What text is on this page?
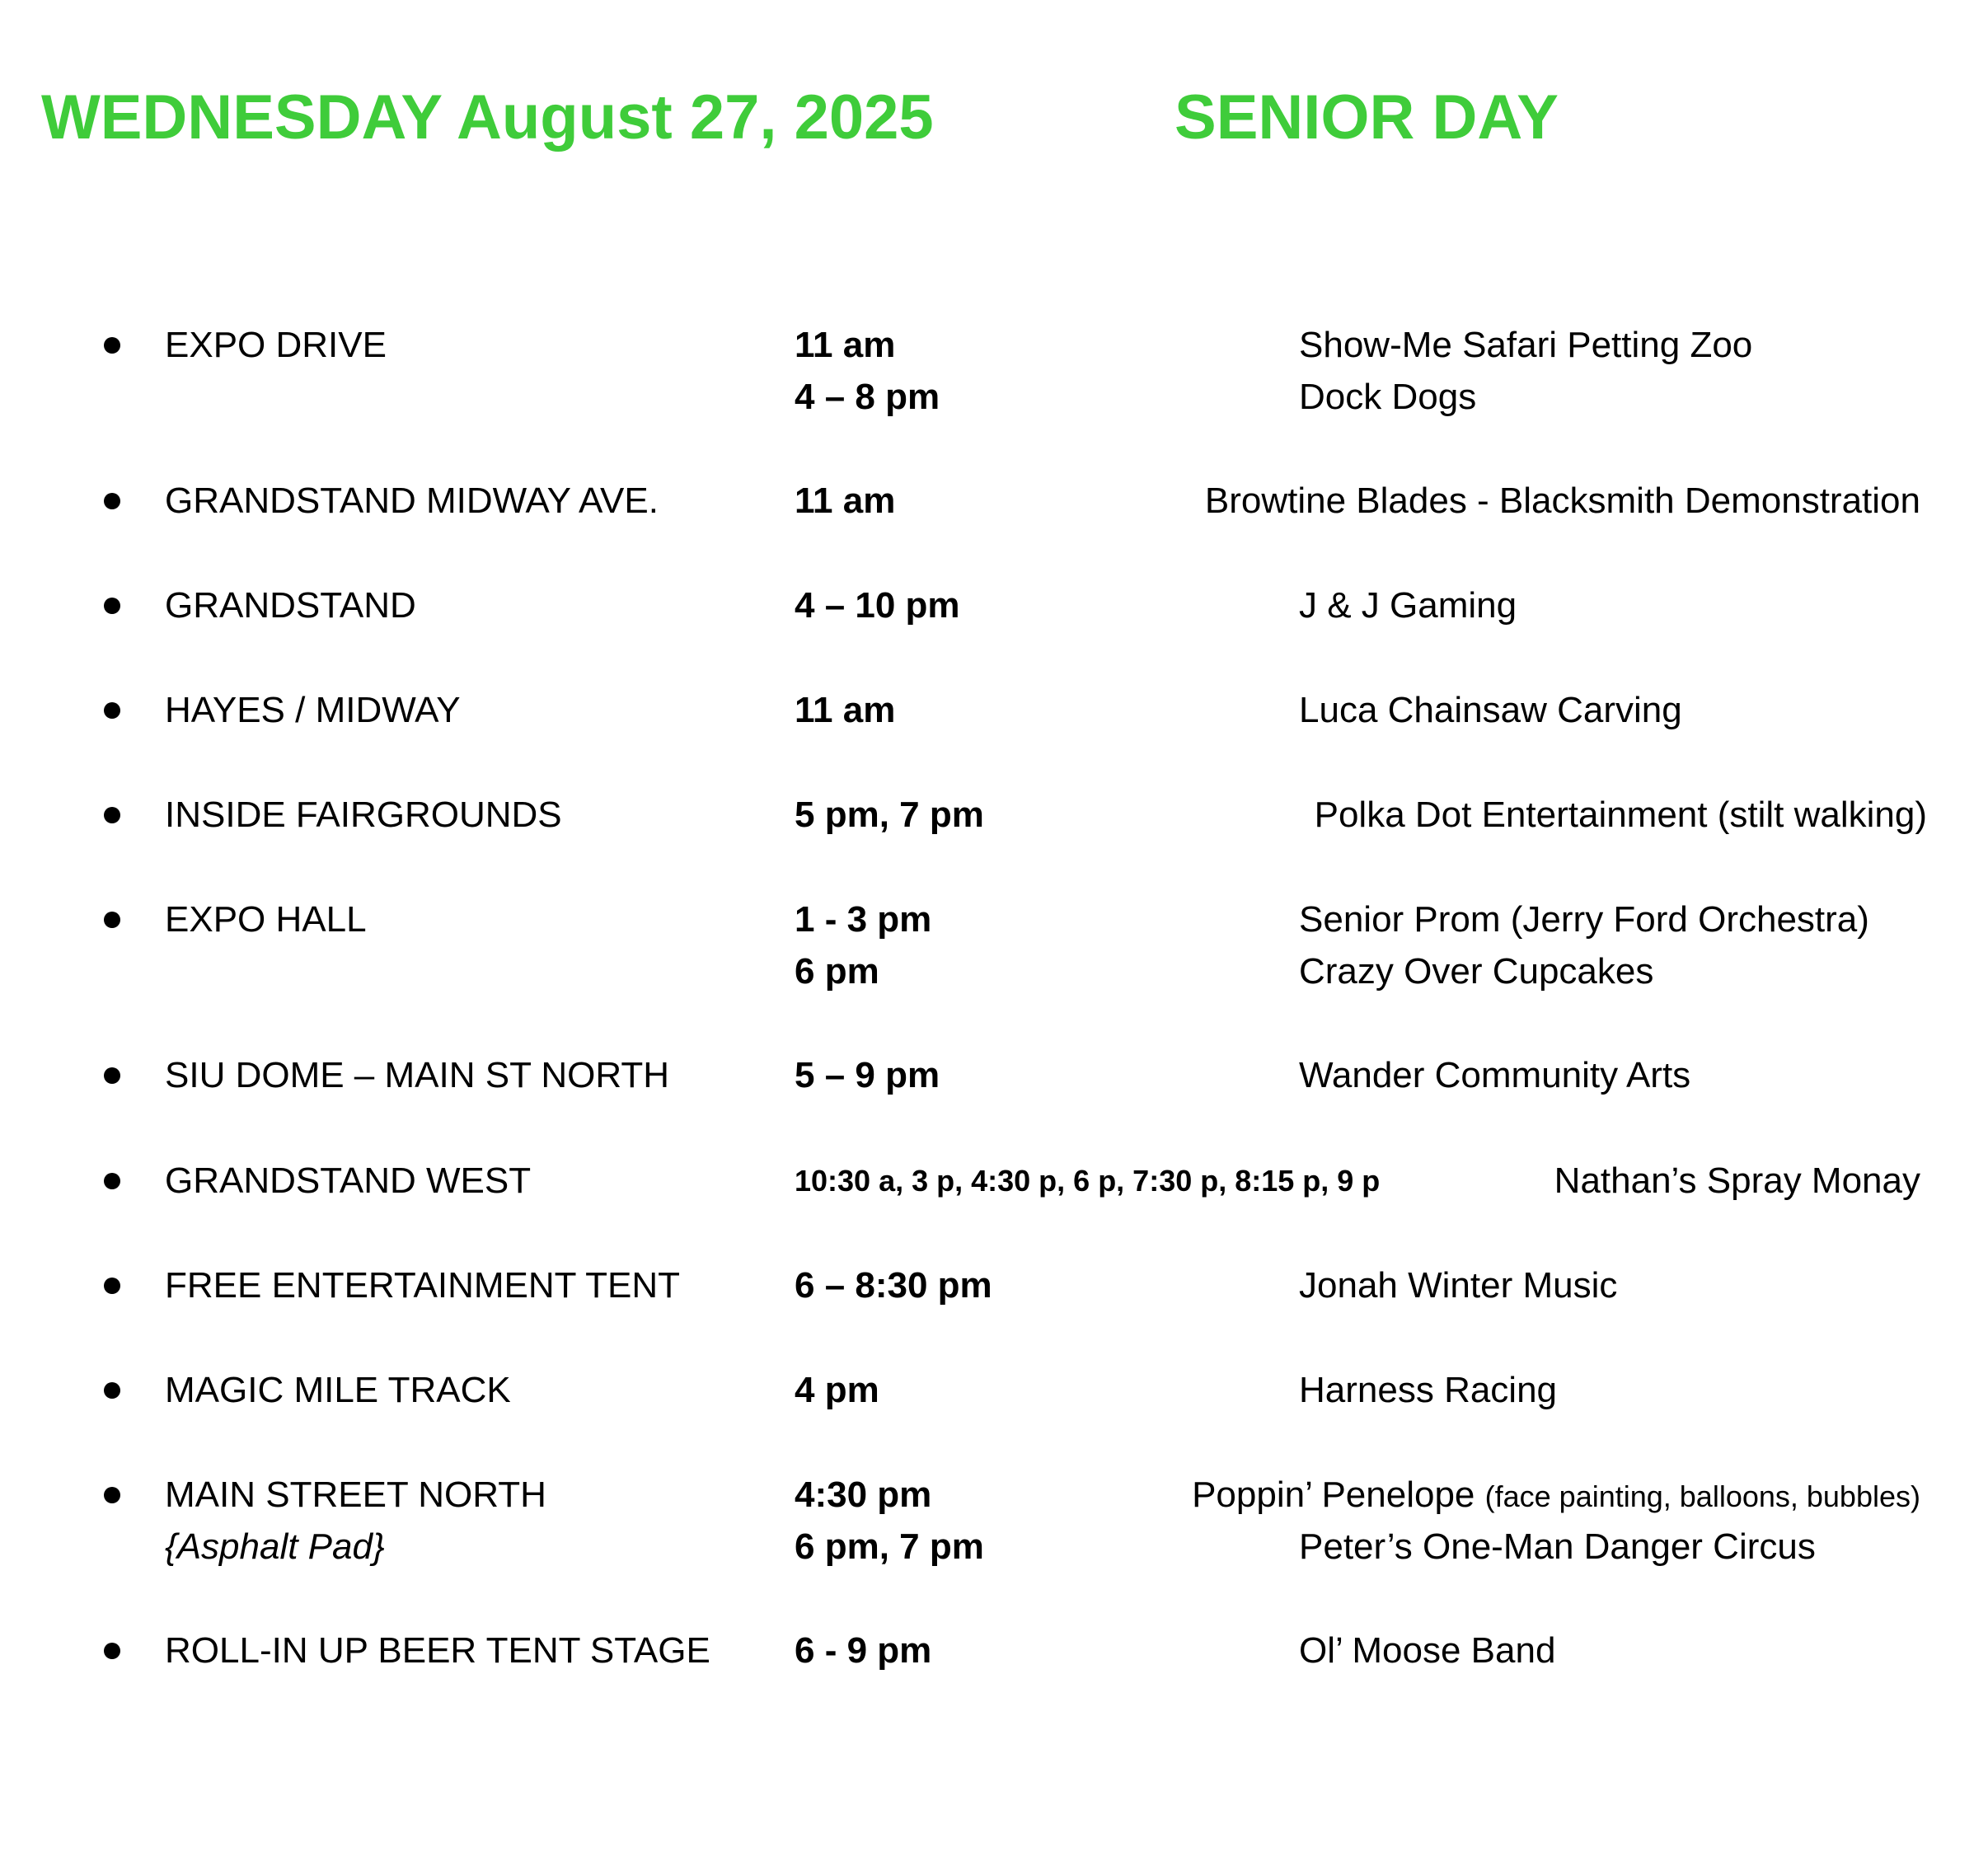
WEDNESDAY August 27, 2025	SENIOR DAY
EXPO DRIVE	11 am	Show-Me Safari Petting Zoo
4 – 8 pm	Dock Dogs
GRANDSTAND MIDWAY AVE.	11 am	Browtine Blades - Blacksmith Demonstration
GRANDSTAND	4 – 10 pm	J & J Gaming
HAYES / MIDWAY	11 am	Luca Chainsaw Carving
INSIDE FAIRGROUNDS	5 pm, 7 pm	Polka Dot Entertainment (stilt walking)
EXPO HALL	1 - 3 pm	Senior Prom (Jerry Ford Orchestra)
6 pm	Crazy Over Cupcakes
SIU DOME – MAIN ST NORTH	5 – 9 pm	Wander Community Arts
GRANDSTAND WEST	10:30 a, 3 p, 4:30 p, 6 p, 7:30 p, 8:15 p, 9 p	Nathan’s Spray Monay
FREE ENTERTAINMENT TENT	6 – 8:30 pm	Jonah Winter Music
MAGIC MILE TRACK	4 pm	Harness Racing
MAIN STREET NORTH	4:30 pm	Poppin’ Penelope (face painting, balloons, bubbles)
{Asphalt Pad}	6 pm, 7 pm	Peter’s One-Man Danger Circus
ROLL-IN UP BEER TENT STAGE 6 - 9 pm	Ol’ Moose Band
